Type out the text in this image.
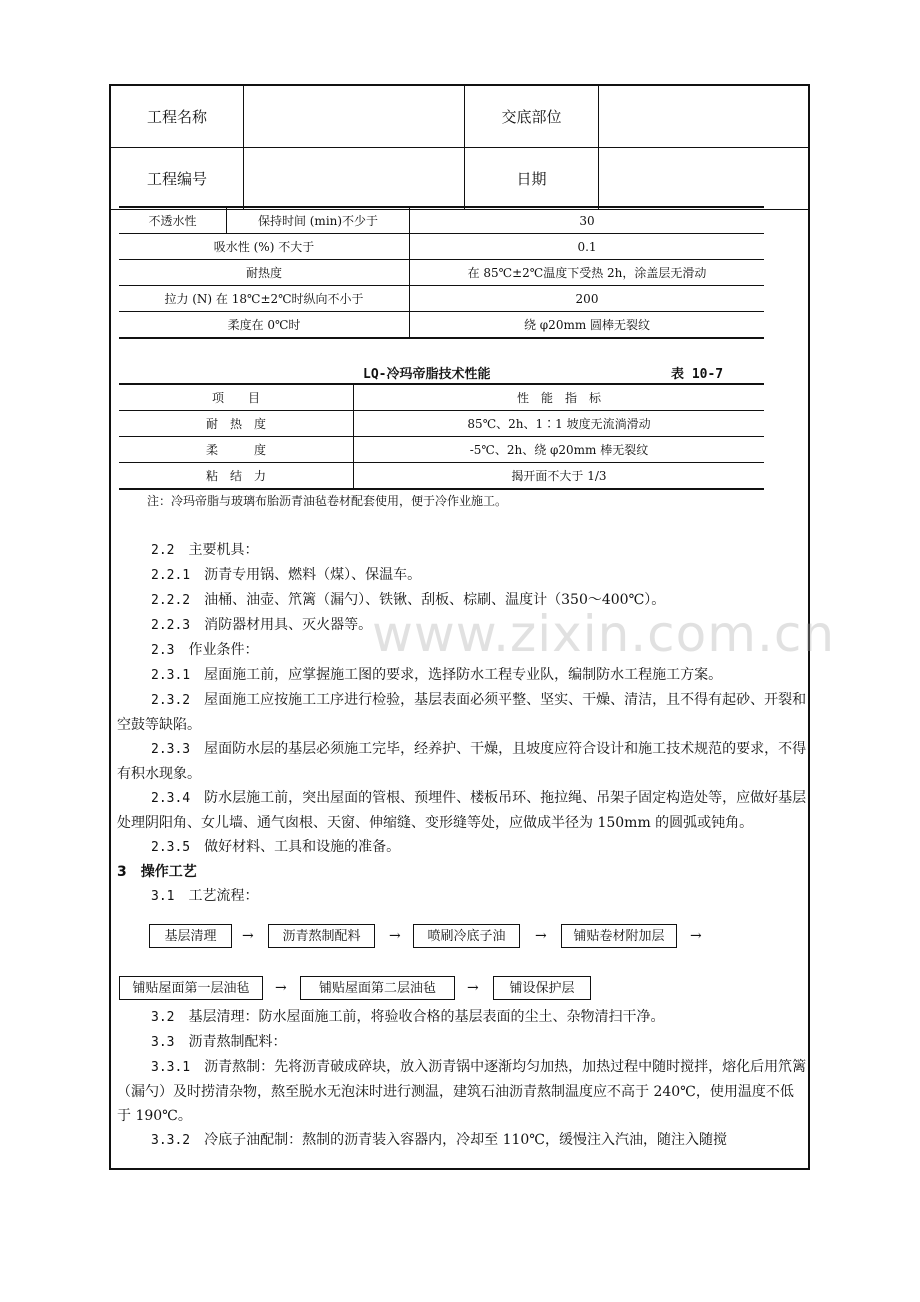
工程名称		交底部位	
工程编号		日期	
不透水性	保持时间 (min)不少于	30
吸水性 (%) 不大于		0.1
耐热度		在 85℃±2℃温度下受热 2h，涂盖层无滑动
拉力 (N) 在 18℃±2℃时纵向不小于		200
柔度在 0℃时		绕 φ20mm 圆棒无裂纹
LQ-冷玛帝脂技术性能	表 10-7
项　　目	性　能　指　标
耐　热　度	85℃、2h、1∶1 坡度无流淌滑动
柔　　　度	-5℃、2h、绕 φ20mm 棒无裂纹
粘　结　力	揭开面不大于 1/3
注：冷玛帝脂与玻璃布胎沥青油毡卷材配套使用，便于冷作业施工。

2.2　 主要机具：

2.2.1　 沥青专用锅、燃料（煤）、保温车。

2.2.2　 油桶、油壶、笊篱（漏勺）、铁锹、刮板、棕刷、温度计（350～400℃）。

2.2.3　 消防器材用具、灭火器等。

2.3　 作业条件：

2.3.1　 屋面施工前，应掌握施工图的要求，选择防水工程专业队，编制防水工程施工方案。

2.3.2　 屋面施工应按施工工序进行检验，基层表面必须平整、坚实、干燥、清洁，且不得有起砂、开裂和空鼓等缺陷。

2.3.3　 屋面防水层的基层必须施工完毕，经养护、干燥，且坡度应符合设计和施工技术规范的要求，不得有积水现象。

2.3.4　 防水层施工前，突出屋面的管根、预埋件、楼板吊环、拖拉绳、吊架子固定构造处等，应做好基层处理阴阳角、女儿墙、通气囱根、天窗、伸缩缝、变形缝等处，应做成半径为 150mm 的圆弧或钝角。

2.3.5　 做好材料、工具和设施的准备。

3　 操作工艺

3.1　 工艺流程：

3.2　 基层清理：防水屋面施工前，将验收合格的基层表面的尘土、杂物清扫干净。

3.3　 沥青熬制配料：

3.3.1　 沥青熬制：先将沥青破成碎块，放入沥青锅中逐渐均匀加热，加热过程中随时搅拌，熔化后用笊篱（漏勺）及时捞清杂物，熬至脱水无泡沫时进行测温，建筑石油沥青熬制温度应不高于 240℃，使用温度不低于 190℃。

3.3.2　 冷底子油配制：熬制的沥青装入容器内，冷却至 110℃，缓慢注入汽油，随注入随搅

基层清理	→	沥青熬制配料	→	喷刷冷底子油	→	铺贴卷材附加层	→
铺贴屋面第一层油毡	→	铺贴屋面第二层油毡	→	铺设保护层
www.zixin.com.cn
